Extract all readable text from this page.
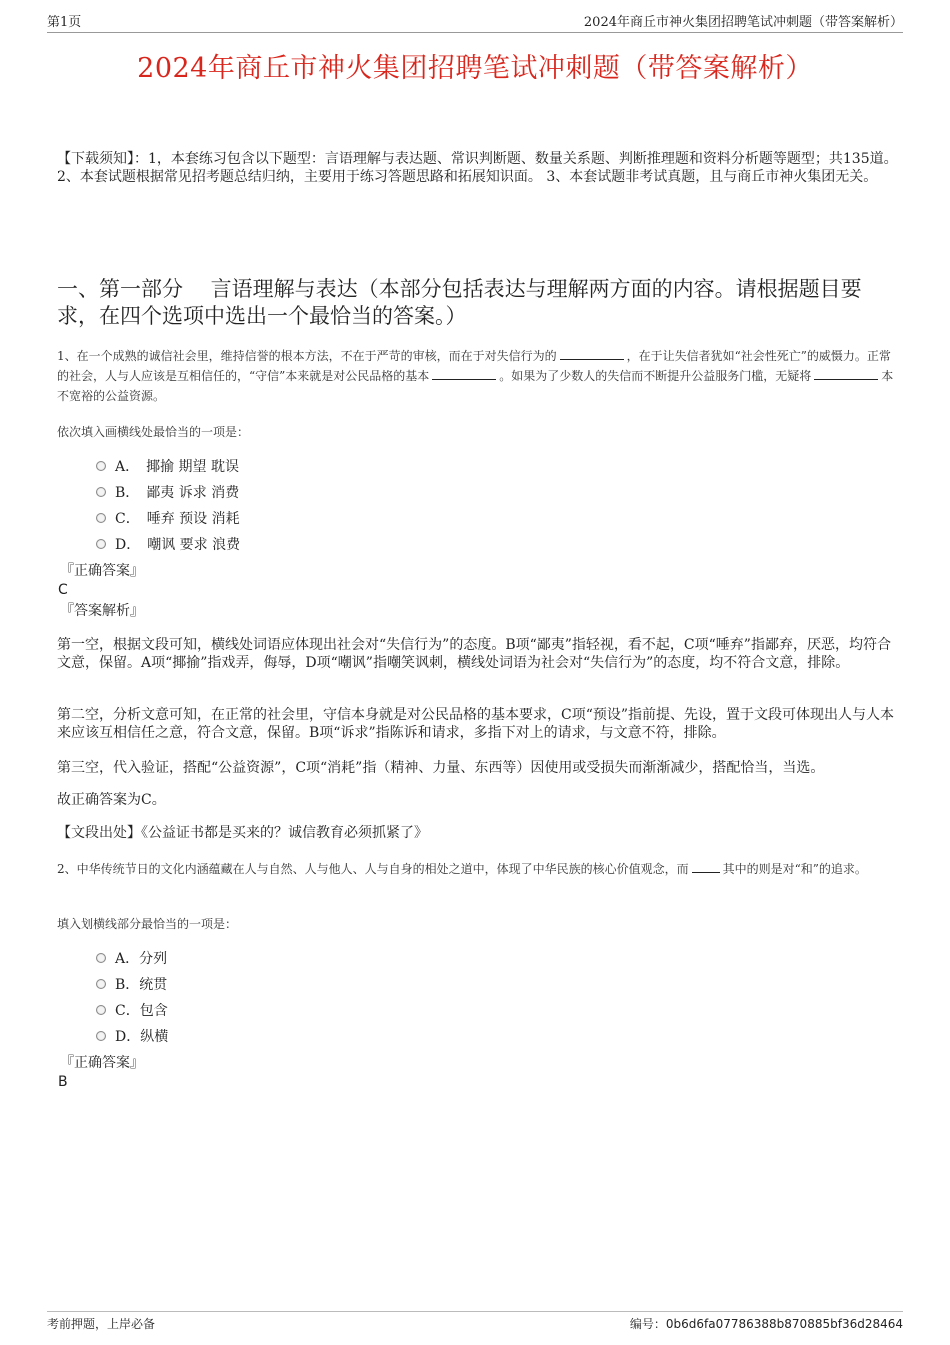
第1页	2024年商丘市神火集团招聘笔试冲刺题（带答案解析）
2024年商丘市神火集团招聘笔试冲刺题（带答案解析）
【下载须知】：1，本套练习包含以下题型：言语理解与表达题、常识判断题、数量关系题、判断推理题和资料分析题等题型；共135道。 2、本套试题根据常见招考题总结归纳，主要用于练习答题思路和拓展知识面。 3、本套试题非考试真题，且与商丘市神火集团无关。
一、第一部分　 言语理解与表达（本部分包括表达与理解两方面的内容。请根据题目要求，在四个选项中选出一个最恰当的答案。）
1、在一个成熟的诚信社会里，维持信誉的根本方法，不在于严苛的审核，而在于对失信行为的	，在于让失信者犹如“社会性死亡”的威慑力。正常的社会，人与人应该是互相信任的，“守信”本来就是对公民品格的基本	。如果为了少数人的失信而不断提升公益服务门槛，无疑将	本不宽裕的公益资源。
依次填入画横线处最恰当的一项是：
A．　揶揄 期望 耽误
B．　鄙夷 诉求 消费
C．　唾弃 预设 消耗
D．　嘲讽 要求 浪费
『正确答案』
C
『答案解析』
第一空，根据文段可知，横线处词语应体现出社会对“失信行为”的态度。B项“鄙夷”指轻视，看不起，C项“唾弃”指鄙弃，厌恶，均符合文意，保留。A项“揶揄”指戏弄，侮辱，D项“嘲讽”指嘲笑讽刺，横线处词语为社会对“失信行为”的态度，均不符合文意，排除。
第二空，分析文意可知，在正常的社会里，守信本身就是对公民品格的基本要求，C项“预设”指前提、先设，置于文段可体现出人与人本来应该互相信任之意，符合文意，保留。B项“诉求”指陈诉和请求，多指下对上的请求，与文意不符，排除。
第三空，代入验证，搭配“公益资源”，C项“消耗”指（精神、力量、东西等）因使用或受损失而渐渐减少，搭配恰当，当选。
故正确答案为C。
【文段出处】《公益证书都是买来的？诚信教育必须抓紧了》
2、中华传统节日的文化内涵蕴藏在人与自然、人与他人、人与自身的相处之道中，体现了中华民族的核心价值观念，而	其中的则是对“和”的追求。
填入划横线部分最恰当的一项是：
A．分列
B．统贯
C．包含
D．纵横
『正确答案』
B
考前押题，上岸必备	编号：0b6d6fa07786388b870885bf36d28464
